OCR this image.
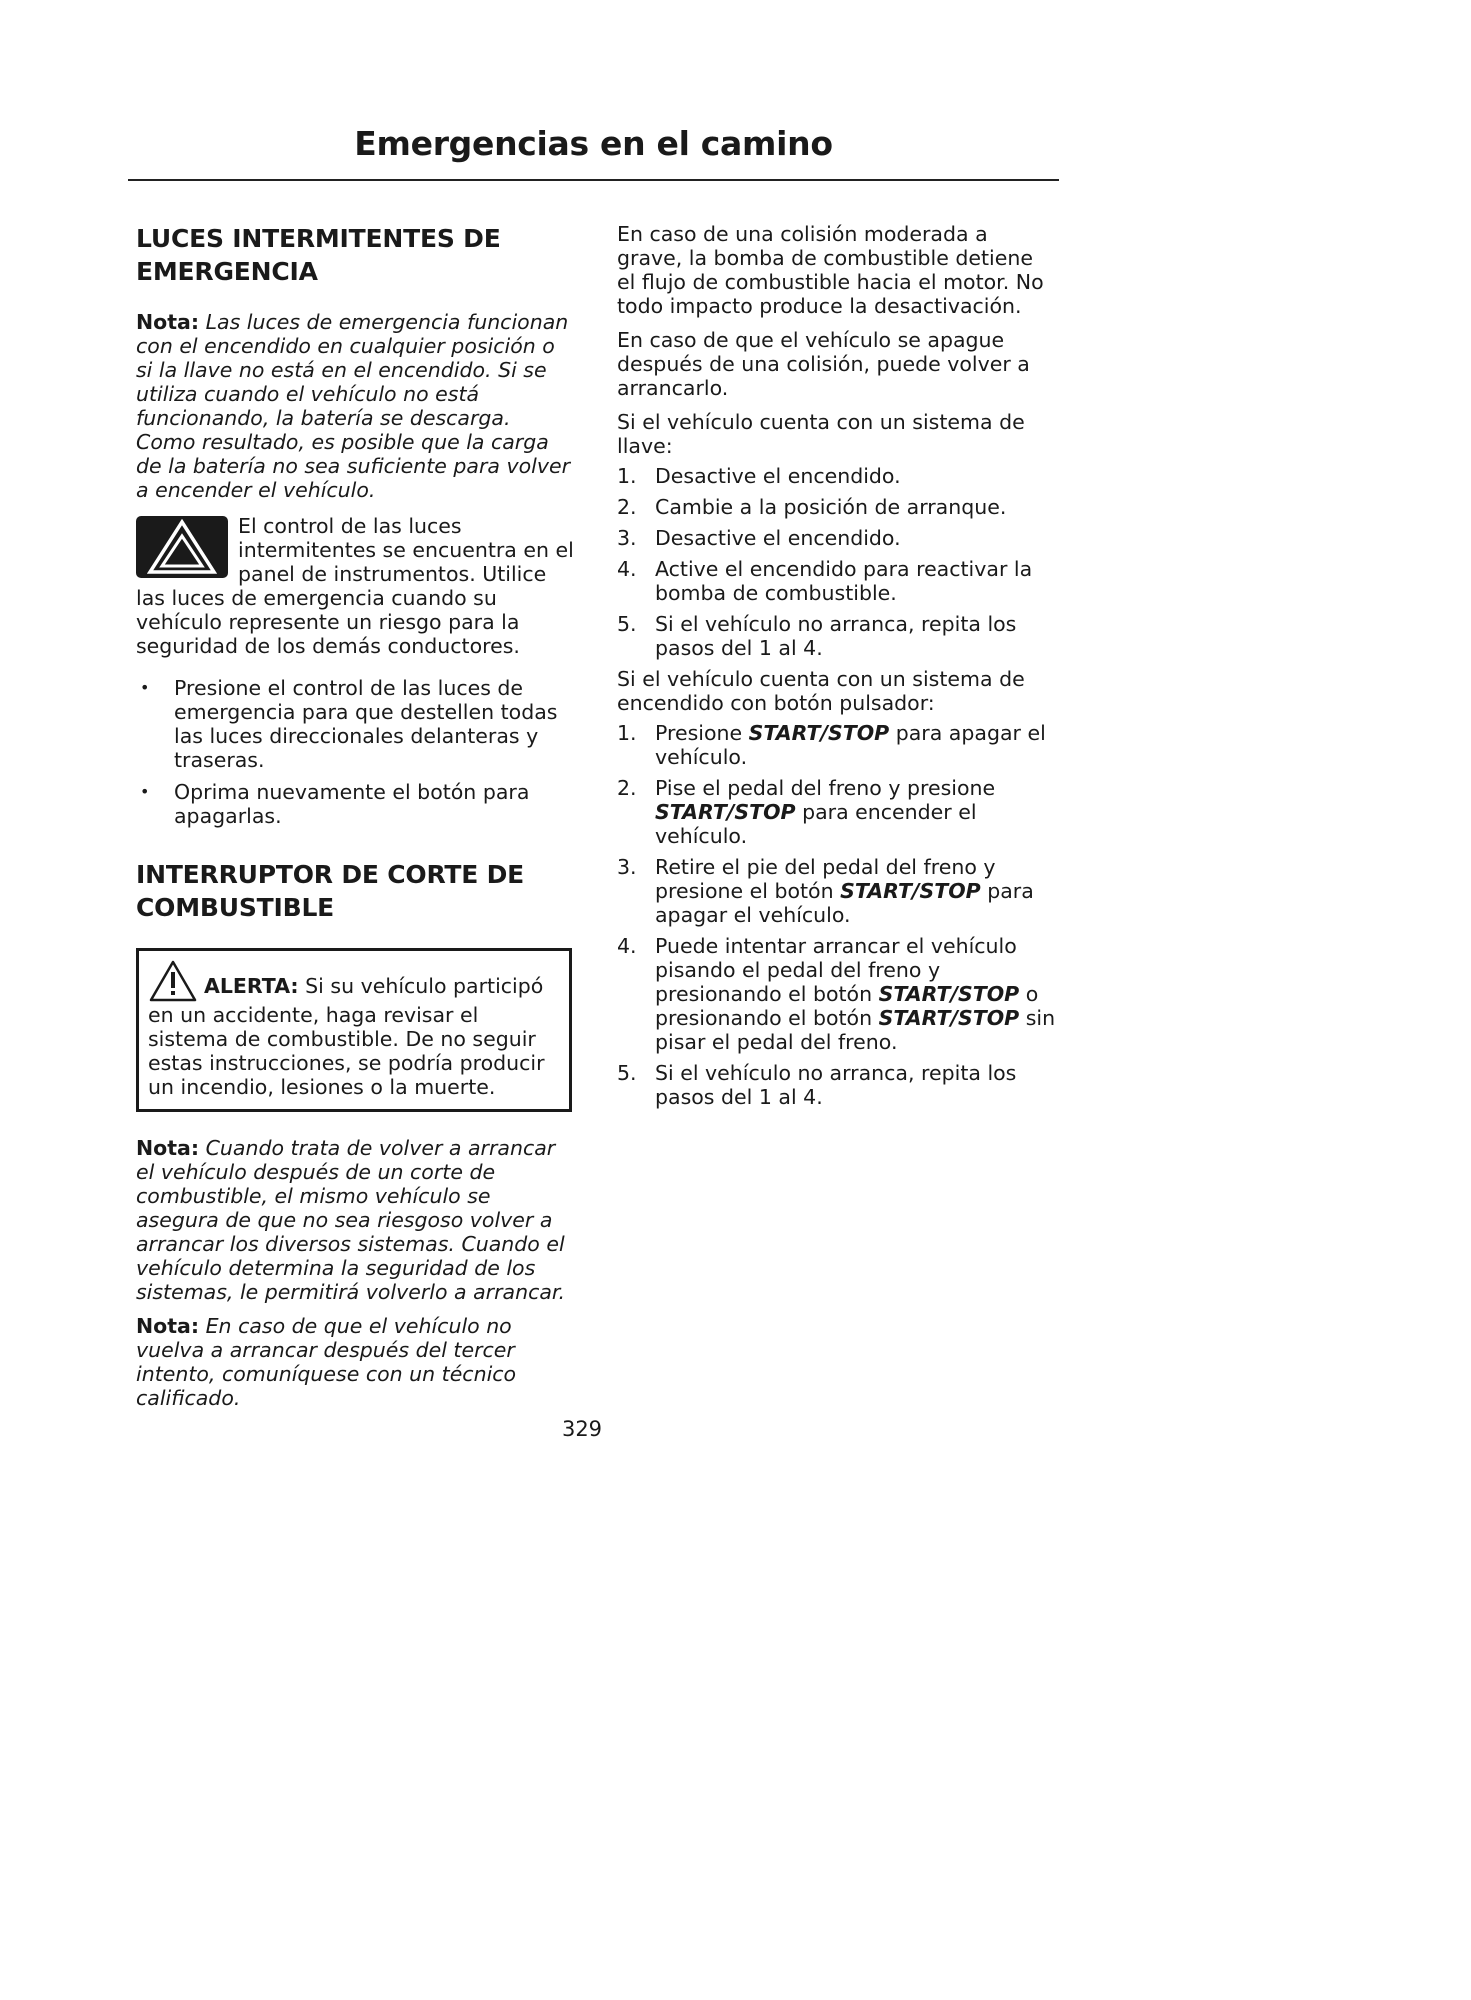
Emergencias en el camino
LUCES INTERMITENTES DE EMERGENCIA

Nota: Las luces de emergencia funcionan con el encendido en cualquier posición o si la llave no está en el encendido. Si se utiliza cuando el vehículo no está funcionando, la batería se descarga. Como resultado, es posible que la carga de la batería no sea suficiente para volver a encender el vehículo.

El control de las luces intermitentes se encuentra en el panel de instrumentos. Utilice las luces de emergencia cuando su vehículo represente un riesgo para la seguridad de los demás conductores.

• Presione el control de las luces de emergencia para que destellen todas las luces direccionales delanteras y traseras.
• Oprima nuevamente el botón para apagarlas.
INTERRUPTOR DE CORTE DE COMBUSTIBLE
ALERTA: Si su vehículo participó en un accidente, haga revisar el sistema de combustible. De no seguir estas instrucciones, se podría producir un incendio, lesiones o la muerte.

Nota: Cuando trata de volver a arrancar el vehículo después de un corte de combustible, el mismo vehículo se asegura de que no sea riesgoso volver a arrancar los diversos sistemas. Cuando el vehículo determina la seguridad de los sistemas, le permitirá volverlo a arrancar.

Nota: En caso de que el vehículo no vuelva a arrancar después del tercer intento, comuníquese con un técnico calificado.

En caso de una colisión moderada a grave, la bomba de combustible detiene el flujo de combustible hacia el motor. No todo impacto produce la desactivación.

En caso de que el vehículo se apague después de una colisión, puede volver a arrancarlo.

Si el vehículo cuenta con un sistema de llave:

1. Desactive el encendido.
2. Cambie a la posición de arranque.
3. Desactive el encendido.
4. Active el encendido para reactivar la bomba de combustible.
5. Si el vehículo no arranca, repita los pasos del 1 al 4.

Si el vehículo cuenta con un sistema de encendido con botón pulsador:

1. Presione START/STOP para apagar el vehículo.
2. Pise el pedal del freno y presione START/STOP para encender el vehículo.
3. Retire el pie del pedal del freno y presione el botón START/STOP para apagar el vehículo.
4. Puede intentar arrancar el vehículo pisando el pedal del freno y presionando el botón START/STOP o presionando el botón START/STOP sin pisar el pedal del freno.
5. Si el vehículo no arranca, repita los pasos del 1 al 4.
329
